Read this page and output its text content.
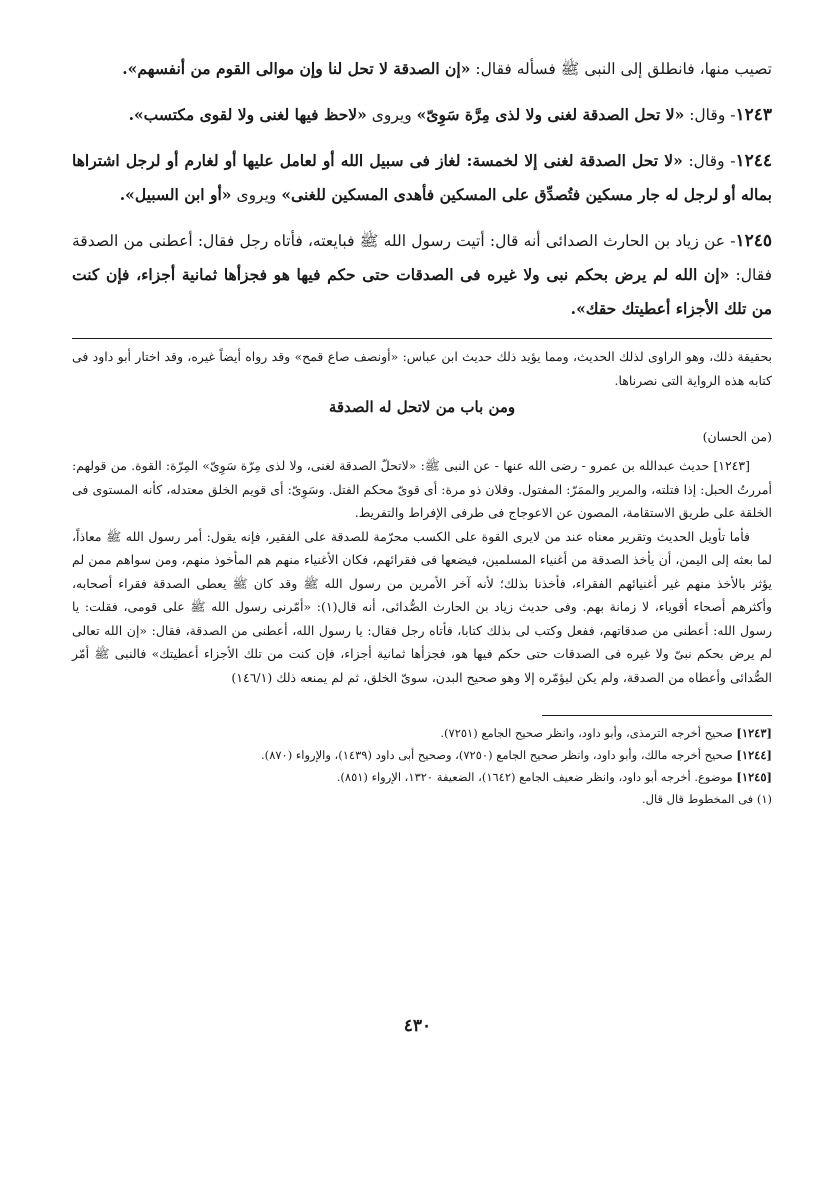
تصيب منها، فانطلق إلى النبى ﷺ فسأله فقال: «إن الصدقة لا تحل لنا وإن موالى القوم من أنفسهم».

١٢٤٣- وقال: «لا تحل الصدقة لغنى ولا لذى مِرَّة سَوِىّ» ويروى «لاحظ فيها لغنى ولا لقوى مكتسب».

١٢٤٤- وقال: «لا تحل الصدقة لغنى إلا لخمسة: لغاز فى سبيل الله أو لعامل عليها أو لغارم أو لرجل اشتراها بماله أو لرجل له جار مسكين فتُصدِّق على المسكين فأهدى المسكين للغنى» ويروى «أو ابن السبيل».

١٢٤٥- عن زياد بن الحارث الصدائى أنه قال: أتيت رسول الله ﷺ فبايعته، فأتاه رجل فقال: أعطنى من الصدقة فقال: «إن الله لم يرض بحكم نبى ولا غيره فى الصدقات حتى حكم فيها هو فجزأها ثمانية أجزاء، فإن كنت من تلك الأجزاء أعطيتك حقك».

بحقيقة ذلك، وهو الراوى لذلك الحديث، ومما يؤيد ذلك حديث ابن عباس: «أونصف صاع قمح» وقد رواه أيضاً غيره، وقد اختار أبو داود فى كتابه هذه الرواية التى نصرناها.

ومن باب من لاتحل له الصدقة
(من الحسان)

[١٢٤٣] حديث عبدالله بن عمرو - رضى الله عنها - عن النبى ﷺ: «لاتحلّ الصدقة لغنى، ولا لذى مِرّة سَوِىّ» المِرّة: القوة. من قولهم: أمررتُ الحبل: إذا فتلته، والمرير والممَرّ: المفتول. وفلان ذو مرة: أى قوىّ محكم الفتل. وسَوِىّ: أى قويم الخلق معتدله، كأنه المستوى فى الخلقة على طريق الاستقامة، المصون عن الاعوجاج فى طرفى الإفراط والتفريط.

فأما تأويل الحديث وتقرير معناه عند من لايرى القوة على الكسب محرّمة للصدقة على الفقير، فإنه يقول: أمر رسول الله ﷺ معاذاً، لما بعثه إلى اليمن، أن يأخذ الصدقة من أغنياء المسلمين، فيضعها فى فقرائهم، فكان الأغنياء منهم هم المأخوذ منهم، ومن سواهم ممن لم يؤثر بالأخذ منهم غير أغنيائهم الفقراء، فأخذنا بذلك؛ لأنه آخر الأمرين من رسول الله ﷺ وقد كان ﷺ يعطى الصدقة فقراء أصحابه، وأكثرهم أصحاء أقوياء، لا زمانة بهم. وفى حديث زياد بن الحارث الصُّدائى، أنه قال(١): «أمّرنى رسول الله ﷺ على قومى، فقلت: يا رسول الله: أعطنى من صدقاتهم، ففعل وكتب لى بذلك كتابا، فأتاه رجل فقال: يا رسول الله، أعطنى من الصدقة، فقال: «إن الله تعالى لم يرض بحكم نبىّ ولا غيره فى الصدقات حتى حكم فيها هو، فجزأها ثمانية أجزاء، فإن كنت من تلك الأجزاء أعطيتك» فالنبى ﷺ أمّر الصُّدائى وأعطاه من الصدقة، ولم يكن ليؤمّره إلا وهو صحيح البدن، سوىّ الخلق، ثم لم يمنعه ذلك (١٤٦/١)

[١٢٤٣] صحيح أخرجه الترمذى، وأبو داود، وانظر صحيح الجامع (٧٢٥١).

[١٢٤٤] صحيح أخرجه مالك، وأبو داود، وانظر صحيح الجامع (٧٢٥٠)، وصحيح أبى داود (١٤٣٩)، والإرواء (٨٧٠).

[١٢٤٥] موضوع. أخرجه أبو داود، وانظر ضعيف الجامع (١٦٤٢)، الضعيفة ١٣٢٠، الإرواء (٨٥١).

(١) فى المخطوط قال قال.

٤٣٠
